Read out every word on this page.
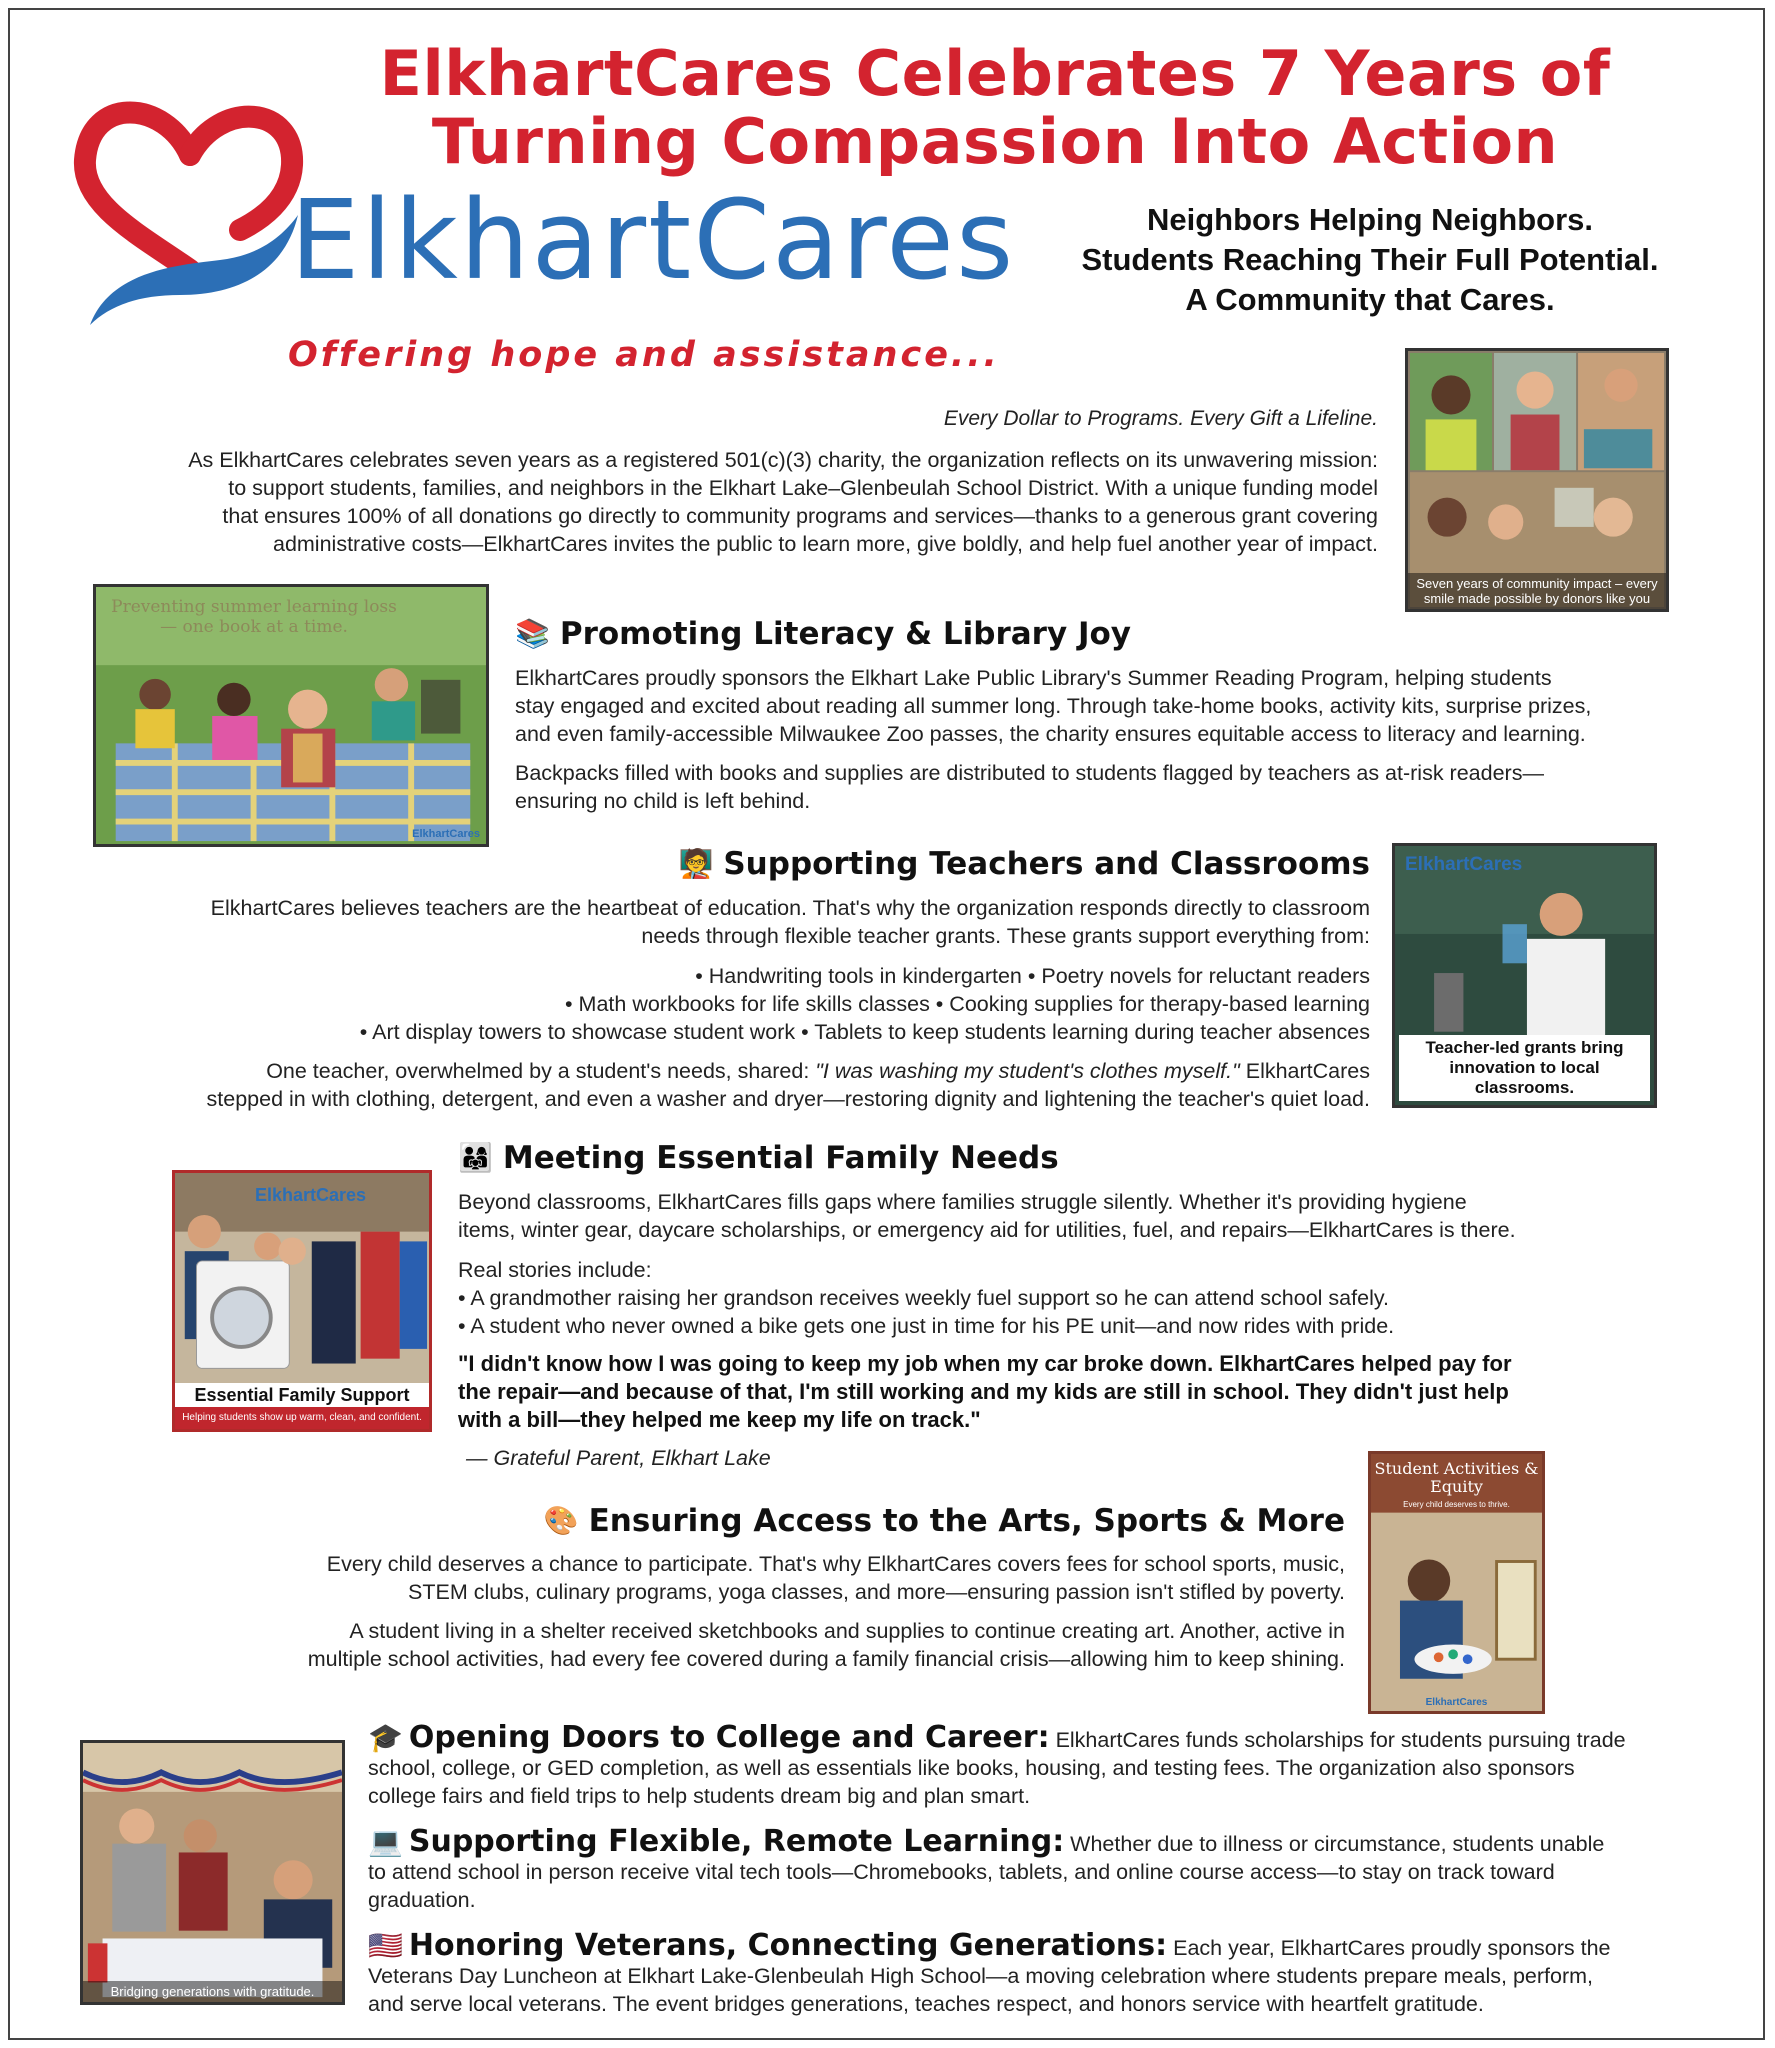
ElkhartCares Celebrates 7 Years of
Turning Compassion Into Action
ElkhartCares
Offering hope and assistance...
Neighbors Helping Neighbors.
Students Reaching Their Full Potential.
A Community that Cares.
Seven years of community impact – every smile made possible by donors like you
Every Dollar to Programs. Every Gift a Lifeline.
As ElkhartCares celebrates seven years as a registered 501(c)(3) charity, the organization reflects on its unwavering mission:
to support students, families, and neighbors in the Elkhart Lake–Glenbeulah School District. With a unique funding model
that ensures 100% of all donations go directly to community programs and services—thanks to a generous grant covering
administrative costs—ElkhartCares invites the public to learn more, give boldly, and help fuel another year of impact.
Preventing summer learning loss— one book at a time.
ElkhartCares
📚 Promoting Literacy & Library Joy
ElkhartCares proudly sponsors the Elkhart Lake Public Library's Summer Reading Program, helping students
stay engaged and excited about reading all summer long. Through take-home books, activity kits, surprise prizes,
and even family-accessible Milwaukee Zoo passes, the charity ensures equitable access to literacy and learning.
Backpacks filled with books and supplies are distributed to students flagged by teachers as at-risk readers—
ensuring no child is left behind.
ElkhartCares
Teacher-led grants bring innovation to local classrooms.
🧑‍🏫 Supporting Teachers and Classrooms
ElkhartCares believes teachers are the heartbeat of education. That's why the organization responds directly to classroom
needs through flexible teacher grants. These grants support everything from:
• Handwriting tools in kindergarten • Poetry novels for reluctant readers
• Math workbooks for life skills classes • Cooking supplies for therapy-based learning
• Art display towers to showcase student work • Tablets to keep students learning during teacher absences
One teacher, overwhelmed by a student's needs, shared: "I was washing my student's clothes myself." ElkhartCares
stepped in with clothing, detergent, and even a washer and dryer—restoring dignity and lightening the teacher's quiet load.
ElkhartCares
Essential Family Support
Helping students show up warm, clean, and confident.
👨‍👩‍👧 Meeting Essential Family Needs
Beyond classrooms, ElkhartCares fills gaps where families struggle silently. Whether it's providing hygiene
items, winter gear, daycare scholarships, or emergency aid for utilities, fuel, and repairs—ElkhartCares is there.
Real stories include:
• A grandmother raising her grandson receives weekly fuel support so he can attend school safely.
• A student who never owned a bike gets one just in time for his PE unit—and now rides with pride.
"I didn't know how I was going to keep my job when my car broke down. ElkhartCares helped pay for
the repair—and because of that, I'm still working and my kids are still in school. They didn't just help
with a bill—they helped me keep my life on track."
— Grateful Parent, Elkhart Lake	Student Activities & Equity
Every child deserves to thrive.
ElkhartCares
🎨 Ensuring Access to the Arts, Sports & More
Every child deserves a chance to participate. That's why ElkhartCares covers fees for school sports, music,
STEM clubs, culinary programs, yoga classes, and more—ensuring passion isn't stifled by poverty.
A student living in a shelter received sketchbooks and supplies to continue creating art. Another, active in
multiple school activities, had every fee covered during a family financial crisis—allowing him to keep shining.
Bridging generations with gratitude.
🎓 Opening Doors to College and Career: ElkhartCares funds scholarships for students pursuing trade
school, college, or GED completion, as well as essentials like books, housing, and testing fees. The organization also sponsors
college fairs and field trips to help students dream big and plan smart.
💻 Supporting Flexible, Remote Learning: Whether due to illness or circumstance, students unable
to attend school in person receive vital tech tools—Chromebooks, tablets, and online course access—to stay on track toward
graduation.
🇺🇸 Honoring Veterans, Connecting Generations: Each year, ElkhartCares proudly sponsors the
Veterans Day Luncheon at Elkhart Lake-Glenbeulah High School—a moving celebration where students prepare meals, perform,
and serve local veterans. The event bridges generations, teaches respect, and honors service with heartfelt gratitude.
